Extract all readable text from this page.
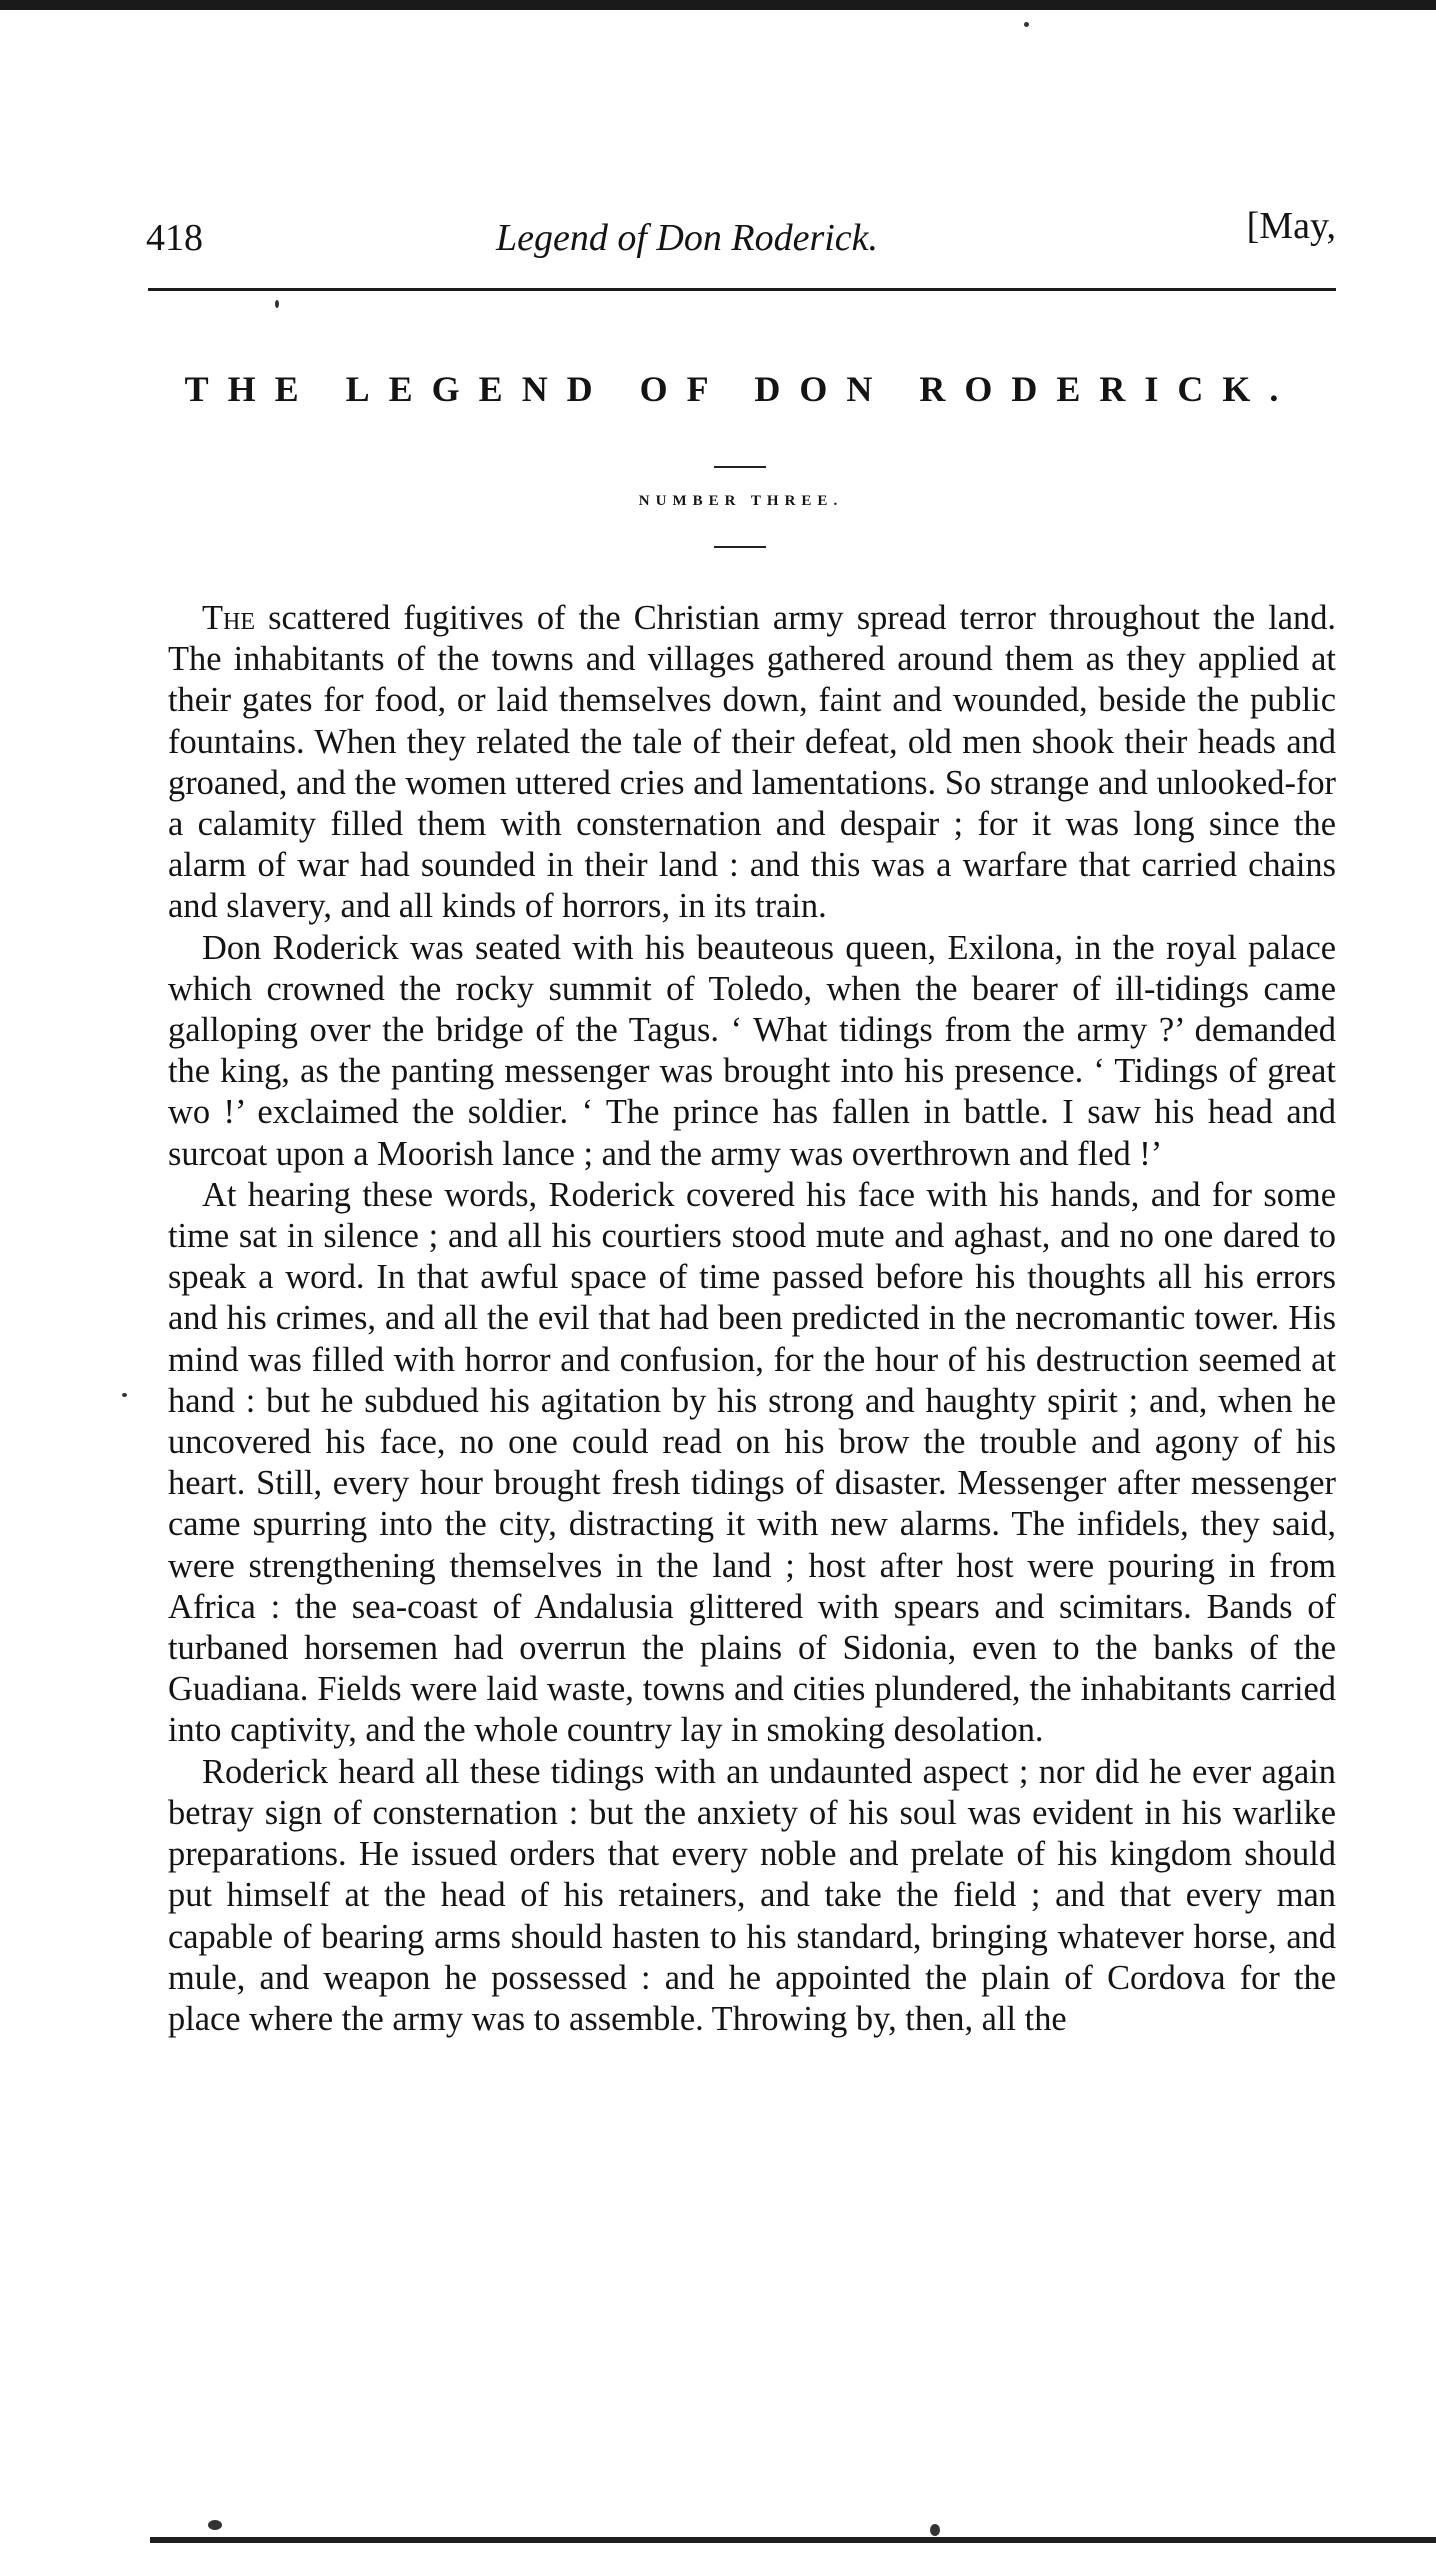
418	Legend of Don Roderick.	[May,
THE LEGEND OF DON RODERICK.
NUMBER THREE.

The scattered fugitives of the Christian army spread terror throughout the land. The inhabitants of the towns and villages gathered around them as they applied at their gates for food, or laid themselves down, faint and wounded, beside the public fountains. When they related the tale of their defeat, old men shook their heads and groaned, and the women uttered cries and lamentations. So strange and unlooked-for a calamity filled them with consternation and despair ; for it was long since the alarm of war had sounded in their land : and this was a warfare that carried chains and slavery, and all kinds of horrors, in its train.

Don Roderick was seated with his beauteous queen, Exilona, in the royal palace which crowned the rocky summit of Toledo, when the bearer of ill-tidings came galloping over the bridge of the Tagus. ‘ What tidings from the army ?’ demanded the king, as the panting messenger was brought into his presence. ‘ Tidings of great wo !’ exclaimed the soldier. ‘ The prince has fallen in battle. I saw his head and surcoat upon a Moorish lance ; and the army was overthrown and fled !’

At hearing these words, Roderick covered his face with his hands, and for some time sat in silence ; and all his courtiers stood mute and aghast, and no one dared to speak a word. In that awful space of time passed before his thoughts all his errors and his crimes, and all the evil that had been predicted in the necromantic tower. His mind was filled with horror and confusion, for the hour of his destruction seemed at hand : but he subdued his agitation by his strong and haughty spirit ; and, when he uncovered his face, no one could read on his brow the trouble and agony of his heart. Still, every hour brought fresh tidings of disaster. Messenger after messenger came spurring into the city, distracting it with new alarms. The infidels, they said, were strengthening themselves in the land ; host after host were pouring in from Africa : the sea-coast of Andalusia glittered with spears and scimitars. Bands of turbaned horsemen had overrun the plains of Sidonia, even to the banks of the Guadiana. Fields were laid waste, towns and cities plundered, the inhabitants carried into captivity, and the whole country lay in smoking desolation.

Roderick heard all these tidings with an undaunted aspect ; nor did he ever again betray sign of consternation : but the anxiety of his soul was evident in his warlike preparations. He issued orders that every noble and prelate of his kingdom should put himself at the head of his retainers, and take the field ; and that every man capable of bearing arms should hasten to his standard, bringing whatever horse, and mule, and weapon he possessed : and he appointed the plain of Cordova for the place where the army was to assemble. Throwing by, then, all the
